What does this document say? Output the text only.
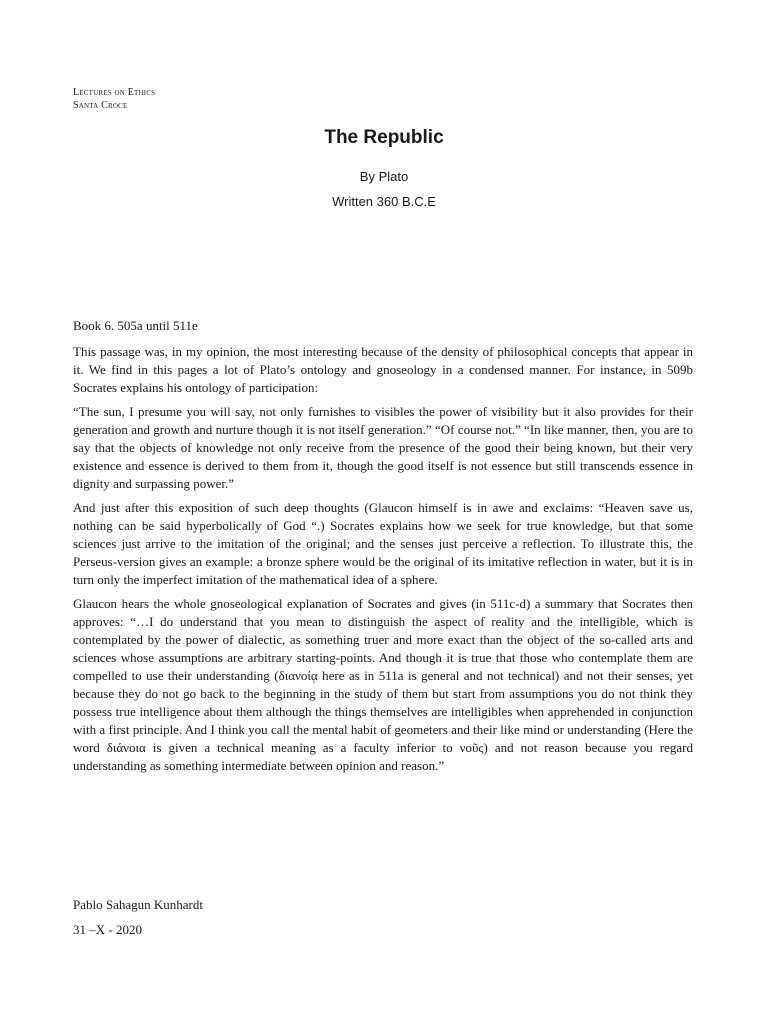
Lectures on Ethics
Santa Croce
The Republic
By Plato
Written 360 B.C.E

Book 6. 505a until 511e

This passage was, in my opinion, the most interesting because of the density of philosophical concepts that appear in it. We find in this pages a lot of Plato’s ontology and gnoseology in a condensed manner. For instance, in 509b Socrates explains his ontology of participation:

“The sun, I presume you will say, not only furnishes to visibles the power of visibility but it also provides for their generation and growth and nurture though it is not itself generation.” “Of course not.” “In like manner, then, you are to say that the objects of knowledge not only receive from the presence of the good their being known, but their very existence and essence is derived to them from it, though the good itself is not essence but still transcends essence in dignity and surpassing power.”

And just after this exposition of such deep thoughts (Glaucon himself is in awe and exclaims: “Heaven save us, nothing can be said hyperbolically of God “.) Socrates explains how we seek for true knowledge, but that some sciences just arrive to the imitation of the original; and the senses just perceive a reflection. To illustrate this, the Perseus-version gives an example: a bronze sphere would be the original of its imitative reflection in water, but it is in turn only the imperfect imitation of the mathematical idea of a sphere.

Glaucon hears the whole gnoseological explanation of Socrates and gives (in 511c-d) a summary that Socrates then approves: “…I do understand that you mean to distinguish the aspect of reality and the intelligible, which is contemplated by the power of dialectic, as something truer and more exact than the object of the so-called arts and sciences whose assumptions are arbitrary starting-points. And though it is true that those who contemplate them are compelled to use their understanding (διανοίᾳ here as in 511a is general and not technical) and not their senses, yet because they do not go back to the beginning in the study of them but start from assumptions you do not think they possess true intelligence about them although the things themselves are intelligibles when apprehended in conjunction with a first principle. And I think you call the mental habit of geometers and their like mind or understanding (Here the word διάνοια is given a technical meaning as a faculty inferior to νοῦς) and not reason because you regard understanding as something intermediate between opinion and reason.”

Pablo Sahagun Kunhardt
31 –X - 2020
